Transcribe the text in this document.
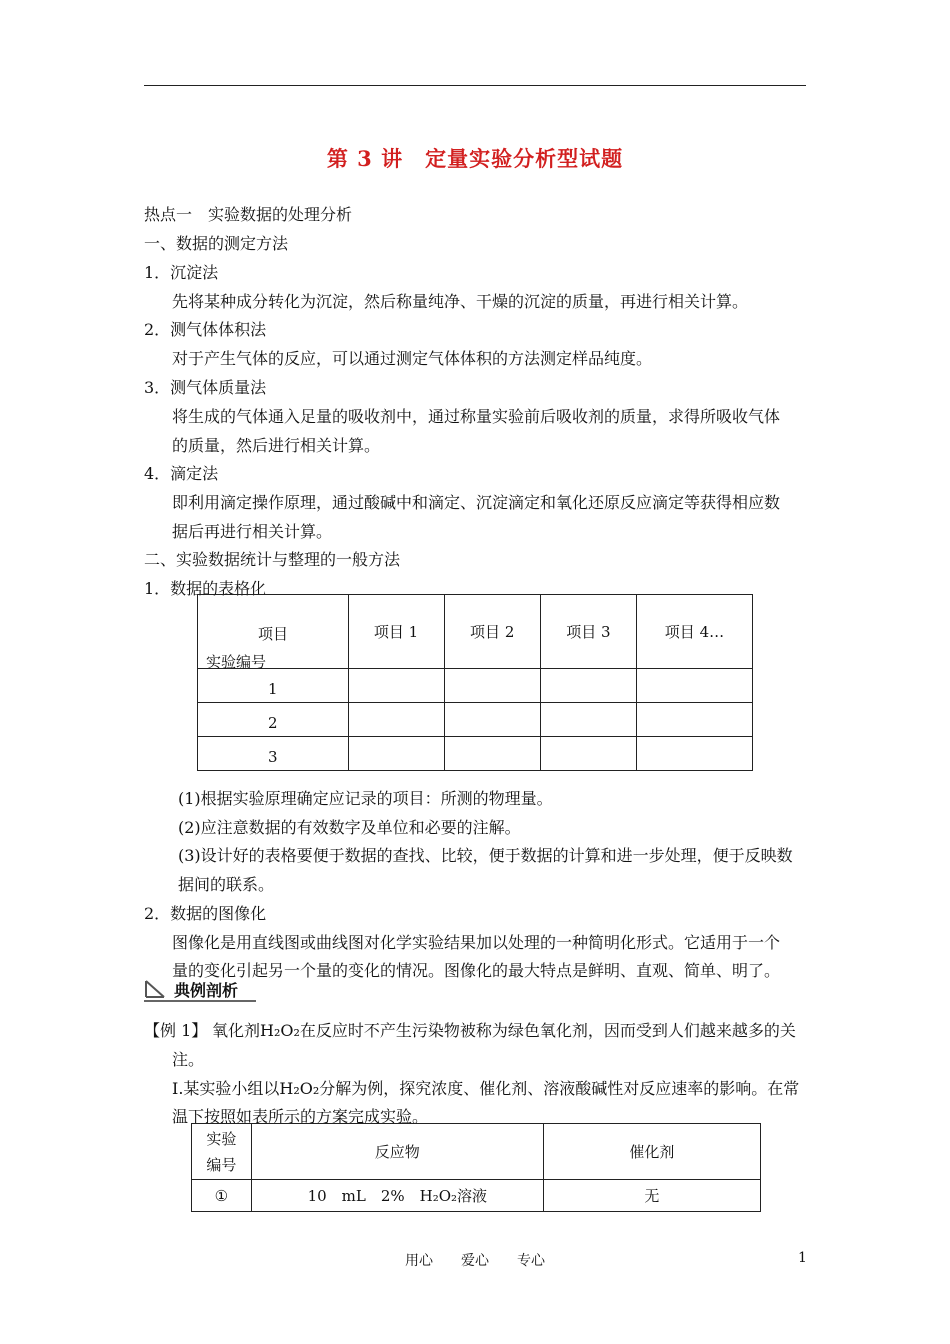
第 3 讲　定量实验分析型试题
热点一　实验数据的处理分析
一、数据的测定方法
1．沉淀法
先将某种成分转化为沉淀，然后称量纯净、干燥的沉淀的质量，再进行相关计算。
2．测气体体积法
对于产生气体的反应，可以通过测定气体体积的方法测定样品纯度。
3．测气体质量法
将生成的气体通入足量的吸收剂中，通过称量实验前后吸收剂的质量，求得所吸收气体
的质量，然后进行相关计算。
4．滴定法
即利用滴定操作原理，通过酸碱中和滴定、沉淀滴定和氧化还原反应滴定等获得相应数
据后再进行相关计算。
二、实验数据统计与整理的一般方法
1．数据的表格化
项目
实验编号	项目 1	项目 2	项目 3	项目 4…
1				
2				
3				
(1)根据实验原理确定应记录的项目：所测的物理量。
(2)应注意数据的有效数字及单位和必要的注解。
(3)设计好的表格要便于数据的查找、比较，便于数据的计算和进一步处理，便于反映数
据间的联系。
2．数据的图像化
图像化是用直线图或曲线图对化学实验结果加以处理的一种简明化形式。它适用于一个
量的变化引起另一个量的变化的情况。图像化的最大特点是鲜明、直观、简单、明了。
典例剖析
【例 1】 氧化剂H₂O₂在反应时不产生污染物被称为绿色氧化剂，因而受到人们越来越多的关
注。
Ⅰ.某实验小组以H₂O₂分解为例，探究浓度、催化剂、溶液酸碱性对反应速率的影响。在常
温下按照如表所示的方案完成实验。
实验
编号	反应物	催化剂
①	10　mL　2%　H₂O₂溶液	无
用心　　爱心　　专心	1
